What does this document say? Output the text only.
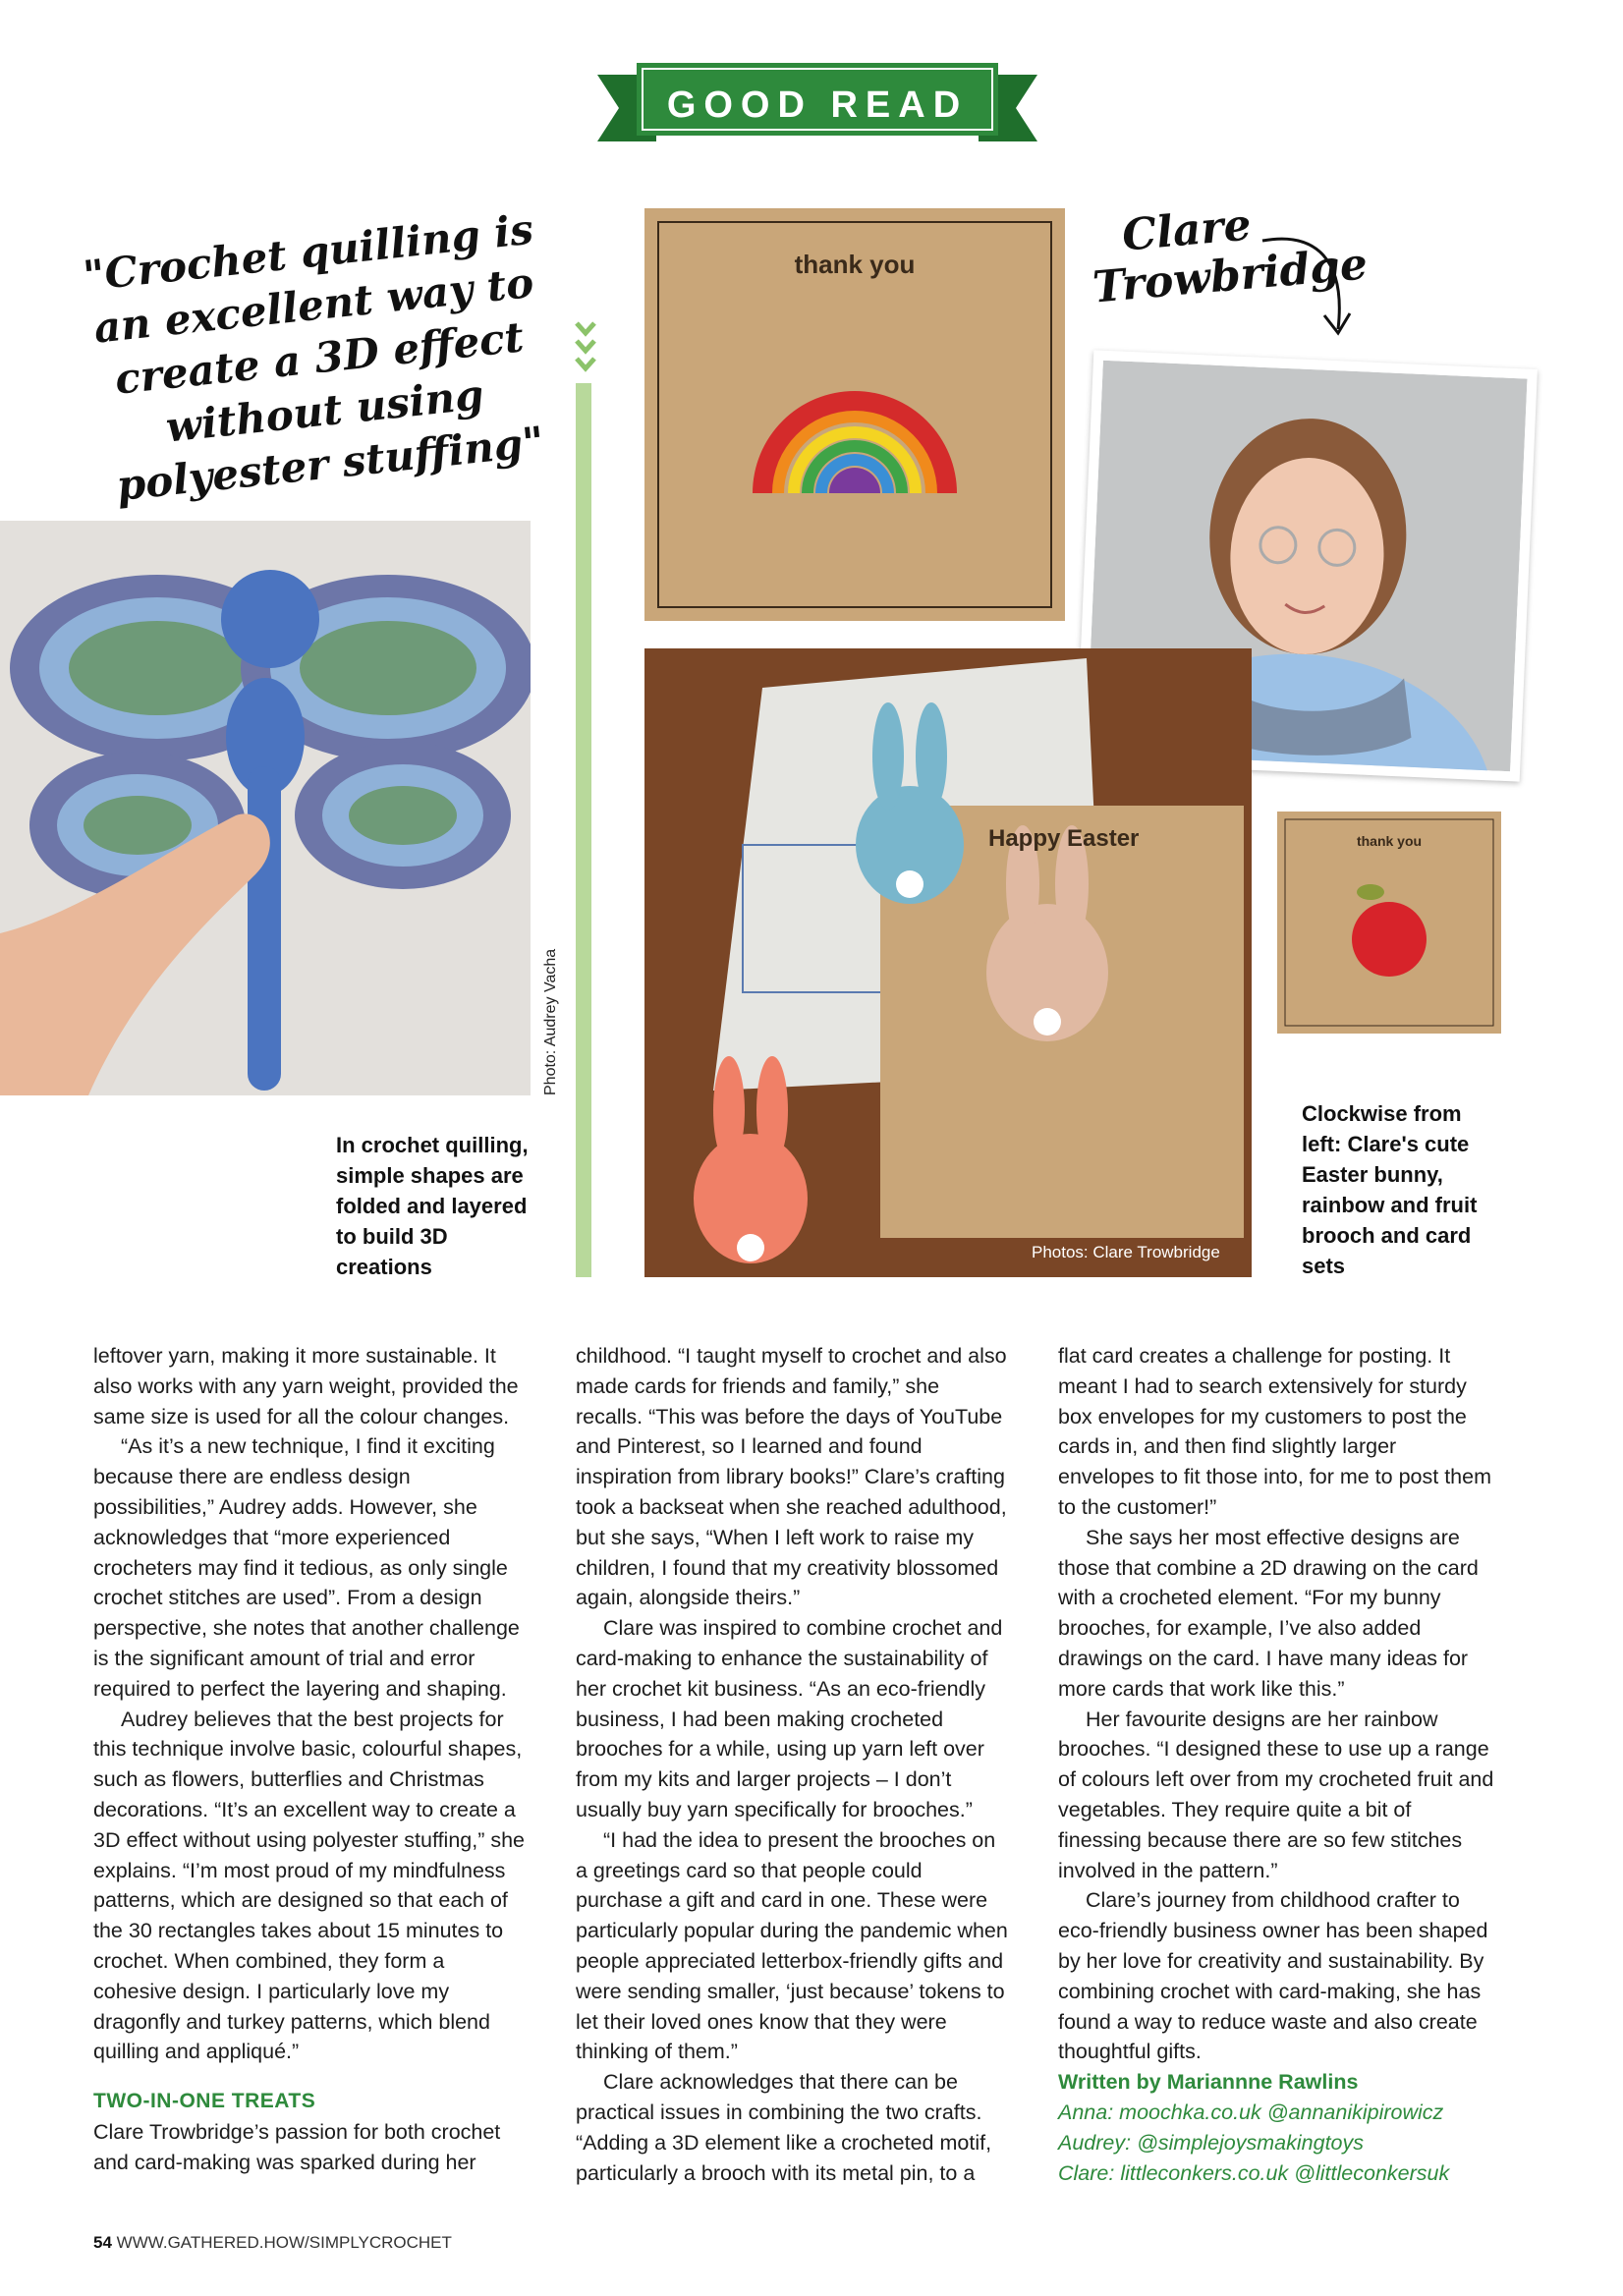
GOOD READ
"Crochet quilling is an excellent way to create a 3D effect without using polyester stuffing"
Clare Trowbridge
Photo: Audrey Vacha
thank you
Happy Easter
Photos: Clare Trowbridge
thank you
In crochet quilling, simple shapes are folded and layered to build 3D creations
Clockwise from left: Clare's cute Easter bunny, rainbow and fruit brooch and card sets

leftover yarn, making it more sustainable. It also works with any yarn weight, provided the same size is used for all the colour changes.

“As it’s a new technique, I find it exciting because there are endless design possibilities,” Audrey adds. However, she acknowledges that “more experienced crocheters may find it tedious, as only single crochet stitches are used”. From a design perspective, she notes that another challenge is the significant amount of trial and error required to perfect the layering and shaping.

Audrey believes that the best projects for this technique involve basic, colourful shapes, such as flowers, butterflies and Christmas decorations. “It’s an excellent way to create a 3D effect without using polyester stuffing,” she explains. “I’m most proud of my mindfulness patterns, which are designed so that each of the 30 rectangles takes about 15 minutes to crochet. When combined, they form a cohesive design. I particularly love my dragonfly and turkey patterns, which blend quilling and appliqué.”

TWO-IN-ONE TREATS

Clare Trowbridge’s passion for both crochet and card-making was sparked during her

childhood. “I taught myself to crochet and also made cards for friends and family,” she recalls. “This was before the days of YouTube and Pinterest, so I learned and found inspiration from library books!” Clare’s crafting took a backseat when she reached adulthood, but she says, “When I left work to raise my children, I found that my creativity blossomed again, alongside theirs.”

Clare was inspired to combine crochet and card-making to enhance the sustainability of her crochet kit business. “As an eco-friendly business, I had been making crocheted brooches for a while, using up yarn left over from my kits and larger projects – I don’t usually buy yarn specifically for brooches.”

“I had the idea to present the brooches on a greetings card so that people could purchase a gift and card in one. These were particularly popular during the pandemic when people appreciated letterbox-friendly gifts and were sending smaller, ‘just because’ tokens to let their loved ones know that they were thinking of them.”

Clare acknowledges that there can be practical issues in combining the two crafts. “Adding a 3D element like a crocheted motif, particularly a brooch with its metal pin, to a

flat card creates a challenge for posting. It meant I had to search extensively for sturdy box envelopes for my customers to post the cards in, and then find slightly larger envelopes to fit those into, for me to post them to the customer!”

She says her most effective designs are those that combine a 2D drawing on the card with a crocheted element. “For my bunny brooches, for example, I’ve also added drawings on the card. I have many ideas for more cards that work like this.”

Her favourite designs are her rainbow brooches. “I designed these to use up a range of colours left over from my crocheted fruit and vegetables. They require quite a bit of finessing because there are so few stitches involved in the pattern.”

Clare’s journey from childhood crafter to eco-friendly business owner has been shaped by her love for creativity and sustainability. By combining crochet with card-making, she has found a way to reduce waste and also create thoughtful gifts.

Written by Mariannne Rawlins
Anna: moochka.co.uk @annanikipirowicz
Audrey: @simplejoysmakingtoys
Clare: littleconkers.co.uk @littleconkersuk
54 WWW.GATHERED.HOW/SIMPLYCROCHET
